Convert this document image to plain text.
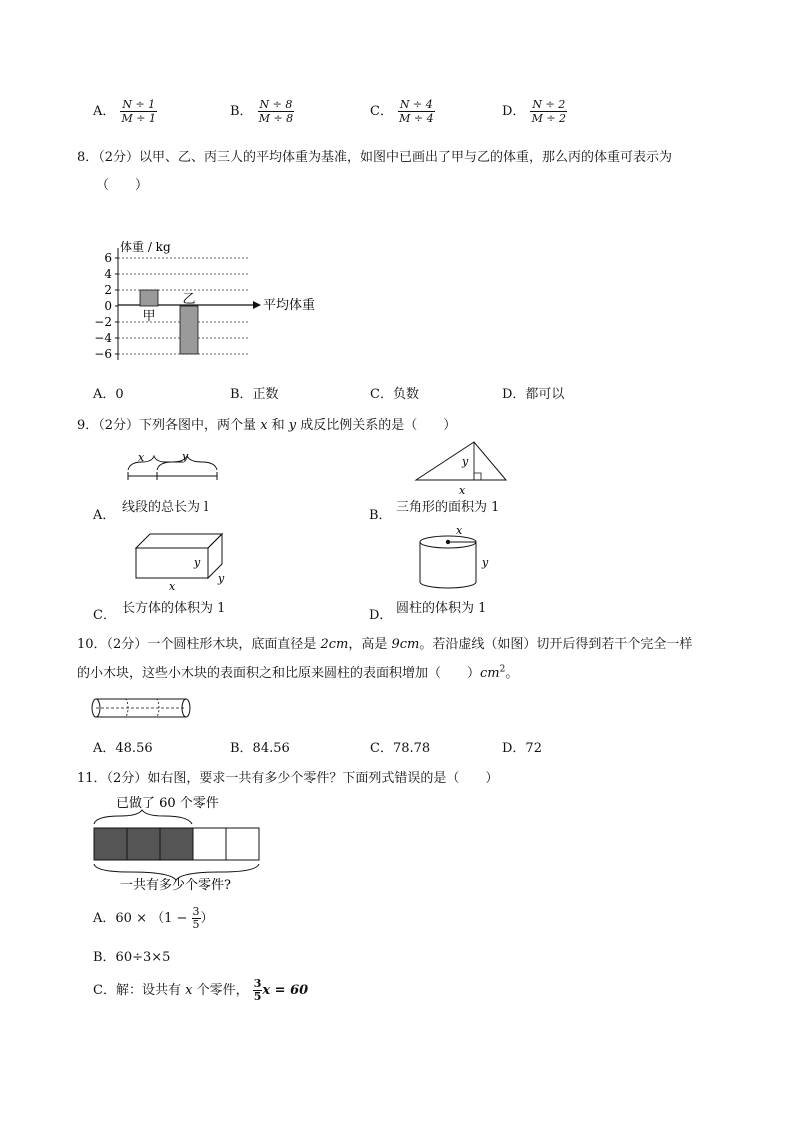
A． $\frac{N \div 1}{M \div 1}$	B． $\frac{N \div 8}{M \div 8}$	C． $\frac{N \div 4}{M \div 4}$	D． $\frac{N \div 2}{M \div 2}$
8．（2分）以甲、乙、丙三人的平均体重为基准，如图中已画出了甲与乙的体重，那么丙的体重可表示为
（　　）
体重 / kg
6
4
2
0
−2
−4
−6
平均体重
甲
乙
A．0	B．正数	C．负数	D．都可以
9．（2分）下列各图中，两个量 x 和 y 成反比例关系的是（　　）
x	y
A．
线段的总长为 l
y
x
B．
三角形的面积为 1
y
x
y
C． 长方体的体积为 1
x
y
D． 圆柱的体积为 1
10．（2分）一个圆柱形木块，底面直径是 2cm，高是 9cm。若沿虚线（如图）切开后得到若干个完全一样
的小木块，这些小木块的表面积之和比原来圆柱的表面积增加（　　）$cm^2$。
A．48.56	B．84.56	C．78.78	D．72
11．（2分）如右图，要求一共有多少个零件？下面列式错误的是（　　）
已做了 60 个零件
一共有多少个零件?
A．$60 \times (1 - \frac{3}{5}$ ）
B．60÷3×5
C．解：设共有 x 个零件， $\frac{3}{5}$ x = 60
